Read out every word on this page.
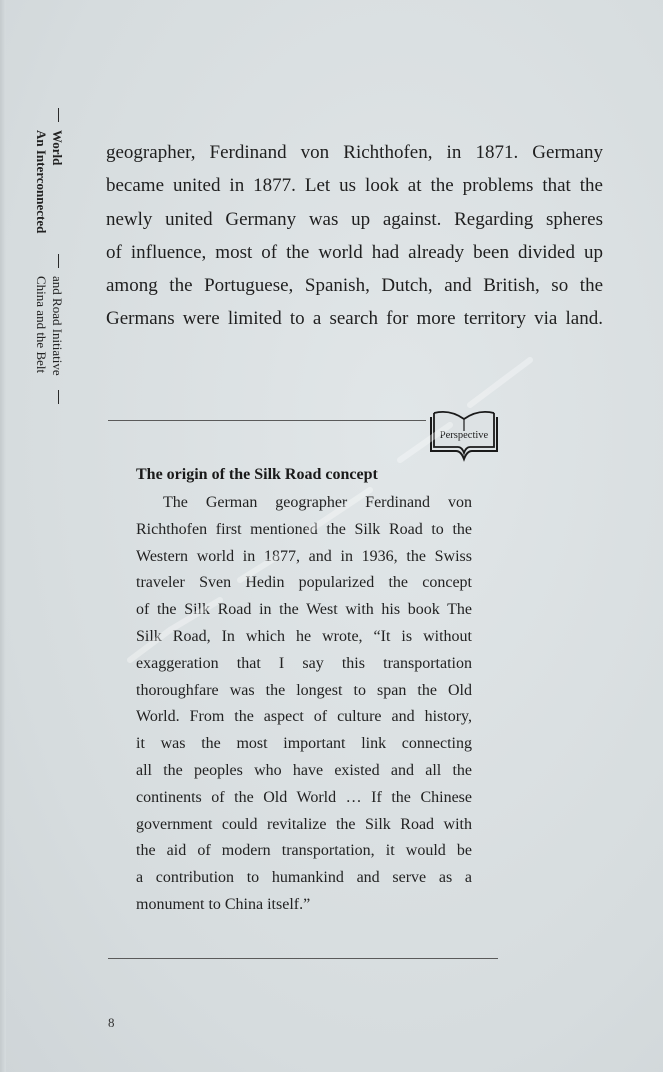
An Interconnected World
China and the Belt and Road Initiative
geographer, Ferdinand von Richthofen, in 1871. Germany
became united in 1877. Let us look at the problems that the
newly united Germany was up against. Regarding spheres
of influence, most of the world had already been divided up
among the Portuguese, Spanish, Dutch, and British, so the
Germans were limited to a search for more territory via land.
Perspective
The origin of the Silk Road concept
The German geographer Ferdinand von
Richthofen first mentioned the Silk Road to the
Western world in 1877, and in 1936, the Swiss
traveler Sven Hedin popularized the concept
of the Silk Road in the West with his book The
Silk Road, In which he wrote, “It is without
exaggeration that I say this transportation
thoroughfare was the longest to span the Old
World. From the aspect of culture and history,
it was the most important link connecting
all the peoples who have existed and all the
continents of the Old World … If the Chinese
government could revitalize the Silk Road with
the aid of modern transportation, it would be
a contribution to humankind and serve as a
monument to China itself.”
8
